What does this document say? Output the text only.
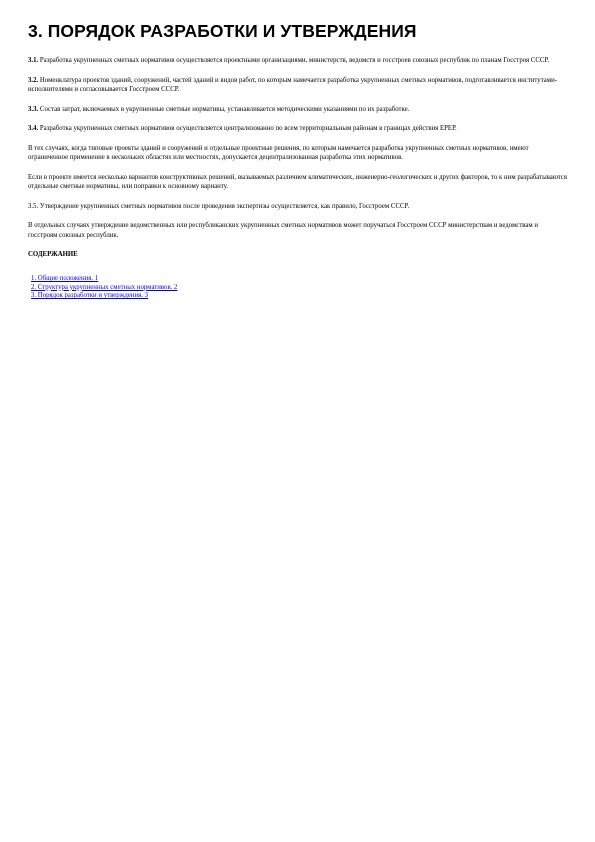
3. ПОРЯДОК РАЗРАБОТКИ И УТВЕРЖДЕНИЯ

3.1. Разработка укрупненных сметных нормативов осуществляется проектными организациями, министерств, ведомств и госстроев союзных республик по планам Госстроя СССР.

3.2. Номенклатура проектов зданий, сооружений, частей зданий и видов работ, по которым намечается разработка укрупненных сметных нормативов, подготавливается институтами-исполнителями и согласовывается Госстроем СССР.

3.3. Состав затрат, включаемых в укрупненные сметные нормативы, устанавливается методическими указаниями по их разработке.

3.4. Разработка укрупненных сметных нормативов осуществляется централизованно по всем территориальным районам в границах действия ЕРЕР.

В тех случаях, когда типовые проекты зданий и сооружений и отдельные проектные решения, по которым намечается разработка укрупненных сметных нормативов, имеют ограниченное применение в нескольких областях или местностях, допускается децентрализованная разработка этих нормативов.

Если в проекте имеется несколько вариантов конструктивных решений, вызываемых различием климатических, инженерно-геологических и других факторов, то к ним разрабатываются отдельные сметные нормативы, или поправки к основному варианту.

3.5. Утверждение укрупненных сметных нормативов после проведения экспертизы осуществляется, как правило, Госстроем СССР.

В отдельных случаях утверждение ведомственных или республиканских укрупненных сметных нормативов может поручаться Госстроем СССР министерствам и ведомствам и госстроям союзных республик.

СОДЕРЖАНИЕ
1. Общие положения. 1
2. Структура укрупненных сметных нормативов. 2
3. Порядок разработки и утверждения. 3
